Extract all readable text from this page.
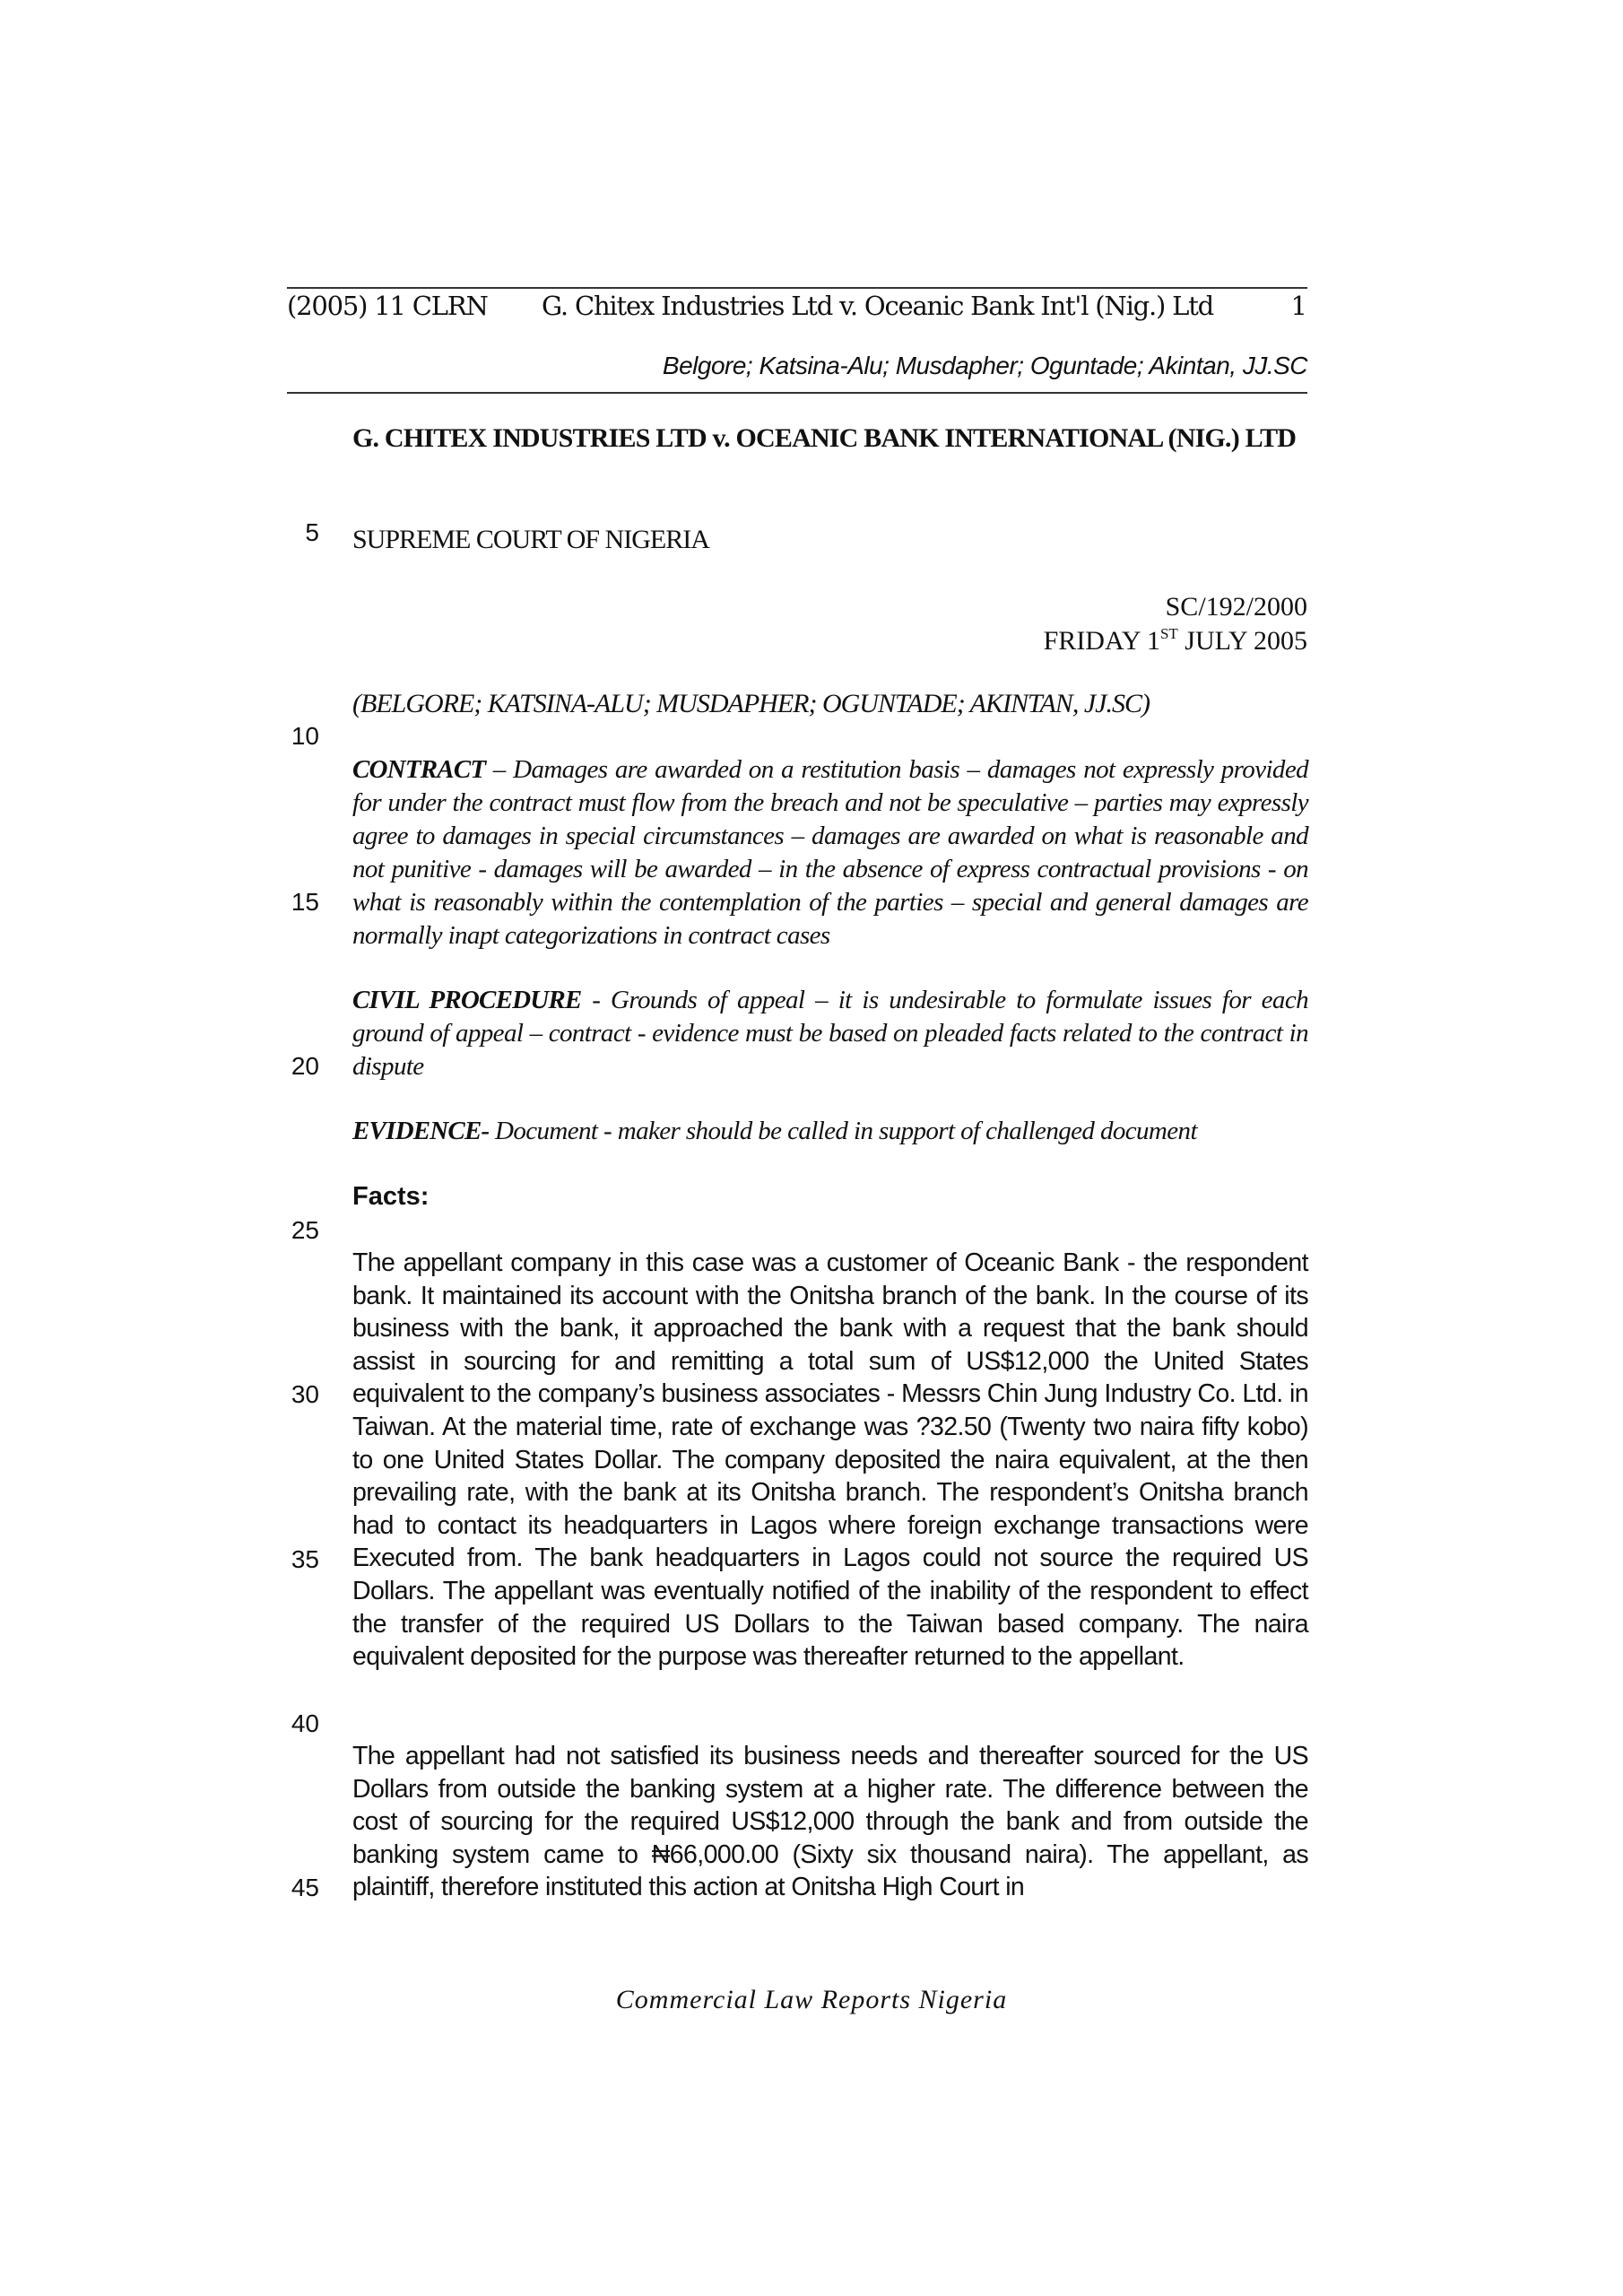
(2005) 11 CLRN G. Chitex Industries Ltd v. Oceanic Bank Int'l (Nig.) Ltd	1
Belgore; Katsina-Alu; Musdapher; Oguntade; Akintan, JJ.SC
G. CHITEX INDUSTRIES LTD v. OCEANIC BANK INTERNATIONAL (NIG.) LTD
SUPREME COURT OF NIGERIA
SC/192/2000
FRIDAY 1ST JULY 2005
(BELGORE; KATSINA-ALU; MUSDAPHER; OGUNTADE; AKINTAN, JJ.SC)
CONTRACT – Damages are awarded on a restitution basis – damages not expressly provided for under the contract must flow from the breach and not be speculative – parties may expressly agree to damages in special circumstances – damages are awarded on what is reasonable and not punitive - damages will be awarded – in the absence of express contractual provisions - on what is reasonably within the contemplation of the parties – special and general damages are normally inapt categorizations in contract cases
CIVIL PROCEDURE - Grounds of appeal – it is undesirable to formulate issues for each ground of appeal – contract - evidence must be based on pleaded facts related to the contract in dispute
EVIDENCE- Document - maker should be called in support of challenged document
Facts:
The appellant company in this case was a customer of Oceanic Bank - the respondent bank. It maintained its account with the Onitsha branch of the bank. In the course of its business with the bank, it approached the bank with a request that the bank should assist in sourcing for and remitting a total sum of US$12,000 the United States equivalent to the company’s business associates - Messrs Chin Jung Industry Co. Ltd. in Taiwan. At the material time, rate of exchange was ?32.50 (Twenty two naira fifty kobo) to one United States Dollar. The company deposited the naira equivalent, at the then prevailing rate, with the bank at its Onitsha branch. The respondent’s Onitsha branch had to contact its headquarters in Lagos where foreign exchange transactions were Executed from. The bank headquarters in Lagos could not source the required US Dollars. The appellant was eventually notified of the inability of the respondent to effect the transfer of the required US Dollars to the Taiwan based company. The naira equivalent deposited for the purpose was thereafter returned to the appellant.
The appellant had not satisfied its business needs and thereafter sourced for the US Dollars from outside the banking system at a higher rate. The difference between the cost of sourcing for the required US$12,000 through the bank and from outside the banking system came to ₦66,000.00 (Sixty six thousand naira). The appellant, as plaintiff, therefore instituted this action at Onitsha High Court in
5
10
15
20
25
30
35
40
45
Commercial Law Reports Nigeria
